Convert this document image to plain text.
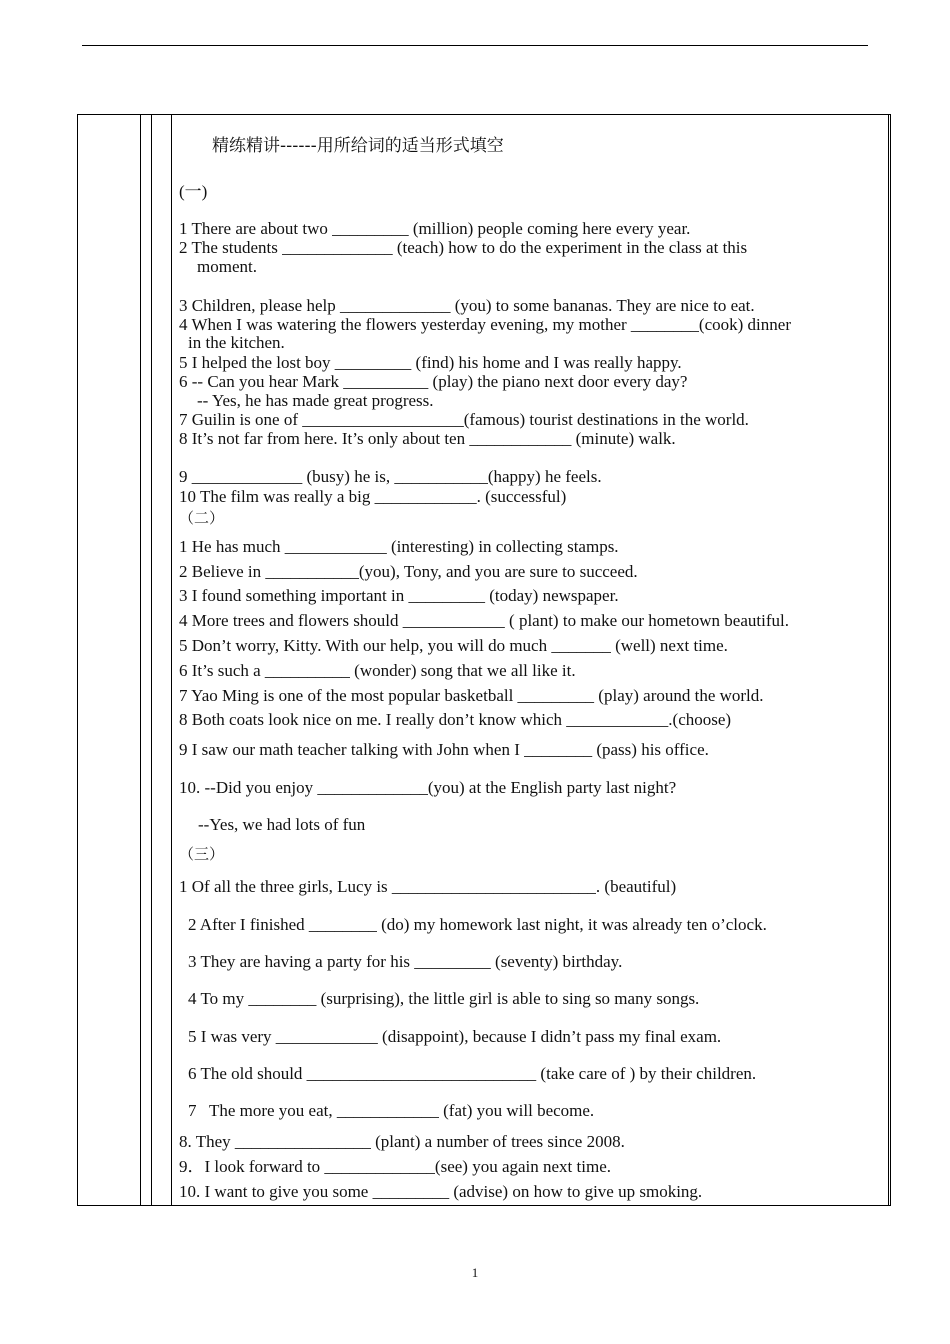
精练精讲------用所给词的适当形式填空
(一)
1 There are about two _________ (million) people coming here every year.
2 The students _____________ (teach) how to do the experiment in the class at this
moment.
3 Children, please help _____________ (you) to some bananas. They are nice to eat.
4 When I was watering the flowers yesterday evening, my mother ________(cook) dinner
in the kitchen.
5 I helped the lost boy _________ (find) his home and I was really happy.
6 -- Can you hear Mark __________ (play) the piano next door every day?
-- Yes, he has made great progress.
7 Guilin is one of ___________________(famous) tourist destinations in the world.
8 It’s not far from here. It’s only about ten ____________ (minute) walk.
9 _____________ (busy) he is, ___________(happy) he feels.
10 The film was really a big ____________. (successful)
（二）
1 He has much ____________ (interesting) in collecting stamps.
2 Believe in ___________(you), Tony, and you are sure to succeed.
3 I found something important in _________ (today) newspaper.
4 More trees and flowers should ____________ ( plant) to make our hometown beautiful.
5 Don’t worry, Kitty. With our help, you will do much _______ (well) next time.
6 It’s such a __________ (wonder) song that we all like it.
7 Yao Ming is one of the most popular basketball _________ (play) around the world.
8 Both coats look nice on me. I really don’t know which ____________.(choose)
9 I saw our math teacher talking with John when I ________ (pass) his office.
10. --Did you enjoy _____________(you) at the English party last night?
--Yes, we had lots of fun
（三）
1 Of all the three girls, Lucy is ________________________. (beautiful)
2 After I finished ________ (do) my homework last night, it was already ten o’clock.
3 They are having a party for his _________ (seventy) birthday.
4 To my ________ (surprising), the little girl is able to sing so many songs.
5 I was very ____________ (disappoint), because I didn’t pass my final exam.
6 The old should ___________________________ (take care of ) by their children.
7   The more you eat, ____________ (fat) you will become.
8. They ________________ (plant) a number of trees since 2008.
9．I look forward to _____________(see) you again next time.
10. I want to give you some _________ (advise) on how to give up smoking.
1
